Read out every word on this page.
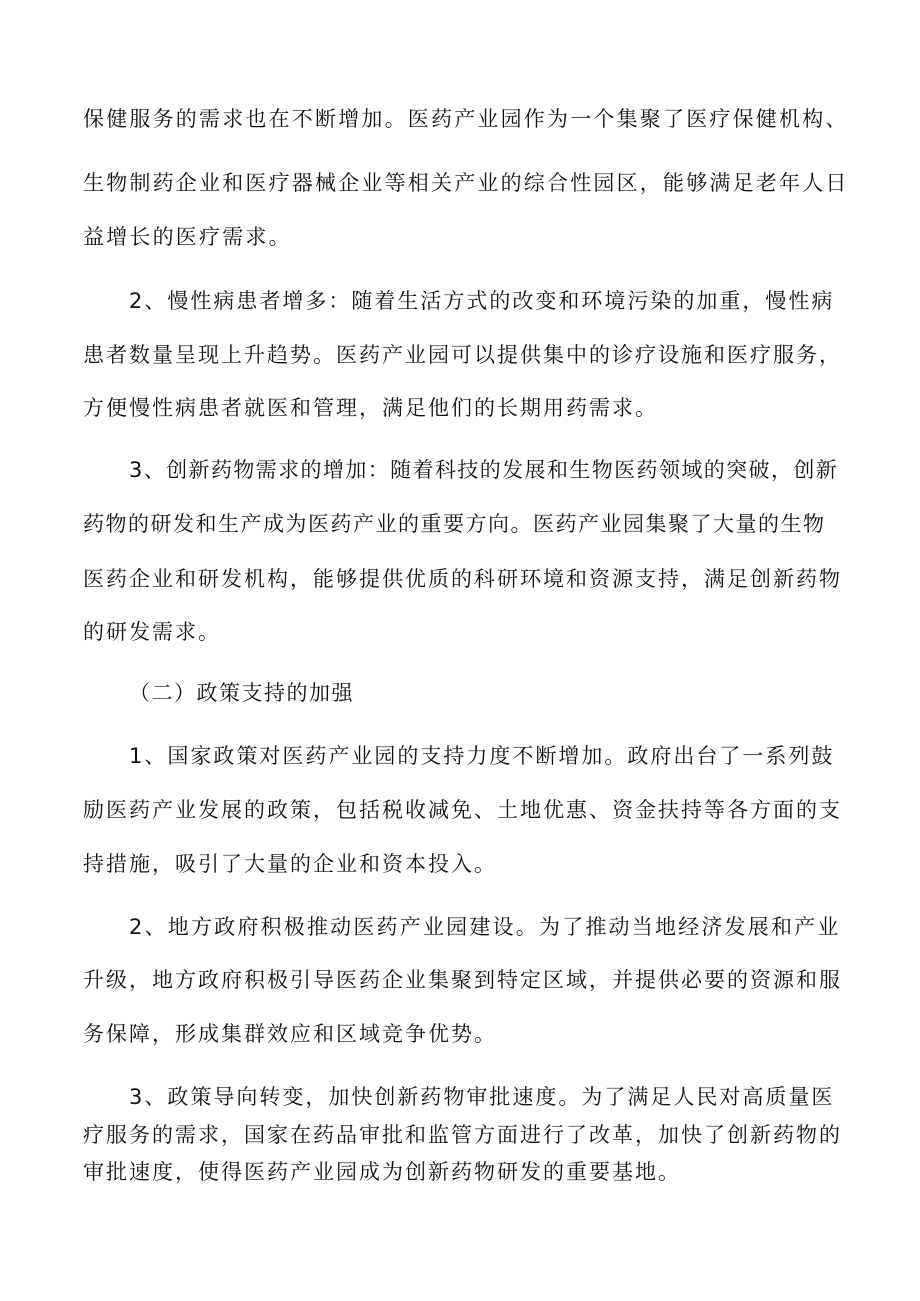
保健服务的需求也在不断增加。医药产业园作为一个集聚了医疗保健机构、
生物制药企业和医疗器械企业等相关产业的综合性园区，能够满足老年人日
益增长的医疗需求。
2、慢性病患者增多：随着生活方式的改变和环境污染的加重，慢性病
患者数量呈现上升趋势。医药产业园可以提供集中的诊疗设施和医疗服务，
方便慢性病患者就医和管理，满足他们的长期用药需求。
3、创新药物需求的增加：随着科技的发展和生物医药领域的突破，创新
药物的研发和生产成为医药产业的重要方向。医药产业园集聚了大量的生物
医药企业和研发机构，能够提供优质的科研环境和资源支持，满足创新药物
的研发需求。
（二）政策支持的加强
1、国家政策对医药产业园的支持力度不断增加。政府出台了一系列鼓
励医药产业发展的政策，包括税收减免、土地优惠、资金扶持等各方面的支
持措施，吸引了大量的企业和资本投入。
2、地方政府积极推动医药产业园建设。为了推动当地经济发展和产业
升级，地方政府积极引导医药企业集聚到特定区域，并提供必要的资源和服
务保障，形成集群效应和区域竞争优势。
3、政策导向转变，加快创新药物审批速度。为了满足人民对高质量医
疗服务的需求，国家在药品审批和监管方面进行了改革，加快了创新药物的
审批速度，使得医药产业园成为创新药物研发的重要基地。
